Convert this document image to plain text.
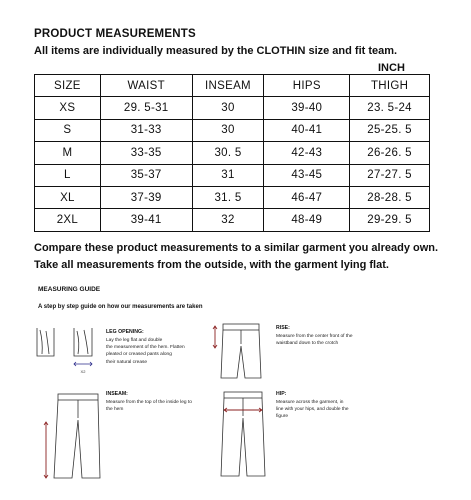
PRODUCT MEASUREMENTS
All items are individually measured by the CLOTHIN size and fit team.
INCH
SIZE	WAIST	INSEAM	HIPS	THIGH
XS	29. 5-31	30	39-40	23. 5-24
S	31-33	30	40-41	25-25. 5
M	33-35	30. 5	42-43	26-26. 5
L	35-37	31	43-45	27-27. 5
XL	37-39	31. 5	46-47	28-28. 5
2XL	39-41	32	48-49	29-29. 5
Compare these product measurements to a similar garment you already own.
Take all measurements from the outside, with the garment lying flat.
MEASURING GUIDE
A step by step guide on how our measurements are taken
X2
LEG OPENING:
Lay the leg flat and double
the measurement of the hem. Flatten
pleated or creased pants along
their natural crease
RISE:
Measure from the center front of the
waistband down to the crotch
INSEAM:
Measure from the top of the inside leg to
the hem
HIP:
Measure across the garment, in
line with your hips, and double the
figure
